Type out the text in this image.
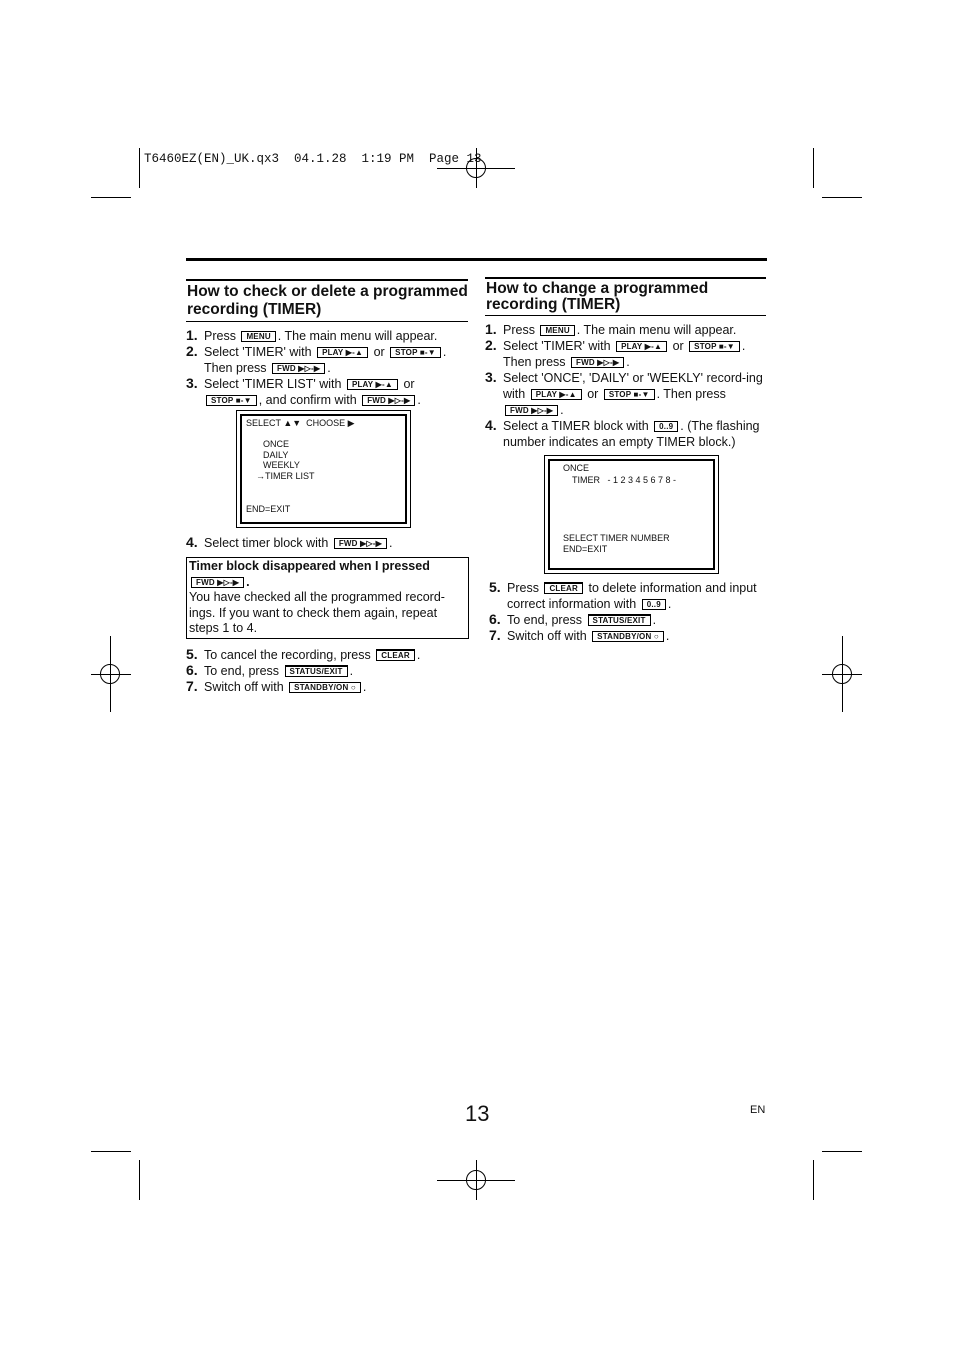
T6460EZ(EN)_UK.qx3  04.1.28  1:19 PM  Page 13
How to check or delete a programmed recording (TIMER)
1. Press MENU . The main menu will appear.
2. Select 'TIMER' with PLAY ▶-▲ or STOP ■-▼ .
Then press FWD ▶▷-▶ .
3. Select 'TIMER LIST' with PLAY ▶-▲ or STOP ■-▼ , and confirm with FWD ▶▷-▶ .
SELECT ▲▼  CHOOSE ▶
ONCE
DAILY
WEEKLY
→TIMER LIST
END=EXIT
4. Select timer block with FWD ▶▷-▶ .
Timer block disappeared when I pressed
FWD ▶▷-▶ .
You have checked all the programmed record-ings. If you want to check them again, repeat steps 1 to 4.
5. To cancel the recording, press CLEAR .
6. To end, press STATUS/EXIT .
7. Switch off with STANDBY/ON ○ .
How to change a programmed recording (TIMER)
1. Press MENU . The main menu will appear.
2. Select 'TIMER' with PLAY ▶-▲ or STOP ■-▼ .
Then press FWD ▶▷-▶ .
3. Select 'ONCE', 'DAILY' or 'WEEKLY' record-ing with PLAY ▶-▲ or STOP ■-▼ . Then press
FWD ▶▷-▶ .
4. Select a TIMER block with 0..9 . (The flashing number indicates an empty TIMER block.)
ONCE
TIMER   - 1 2 3 4 5 6 7 8 -
SELECT TIMER NUMBER
END=EXIT
5. Press CLEAR to delete information and input correct information with 0..9 .
6. To end, press STATUS/EXIT .
7. Switch off with STANDBY/ON ○ .
13	EN
